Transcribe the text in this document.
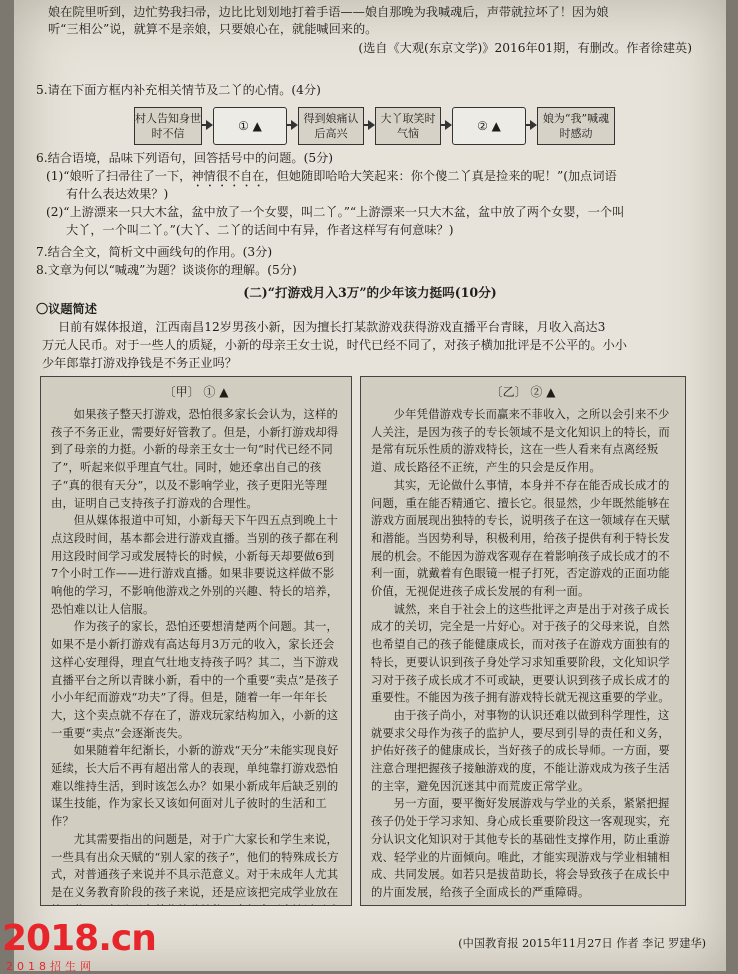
娘在院里听到，边忙势我扫帚，边比比划划地打着手语——娘自那晚为我喊魂后，声带就拉坏了！因为娘
听“三相公”说，就算不是亲娘，只要娘心在，就能喊回来的。
(选自《大观(东京文学)》2016年01期，有删改。作者徐建英)
5.请在下面方框内补充相关情节及二丫的心情。(4分)
村人告知身世时不信
① ▲	得到娘痛认后高兴
大丫取笑时气恼
② ▲	娘为“我”喊魂时感动
6.结合语境，品味下列语句，回答括号中的问题。(5分)
(1)“娘听了扫帚往了一下，神情很不自在，但她随即哈哈大笑起来：你个傻二丫真是捡来的呢！”(加点词语
有什么表达效果？)
(2)“上游漂来一只大木盆，盆中放了一个女婴，叫二丫。”“上游漂来一只大木盆，盆中放了两个女婴，一个叫
大丫，一个叫二丫。”(大丫、二丫的话间中有异，作者这样写有何意味？)
7.结合全文，简析文中画线句的作用。(3分)
8.文章为何以“喊魂”为题？谈谈你的理解。(5分)
(二)“打游戏月入3万”的少年该力挺吗(10分)
〇议题简述
日前有媒体报道，江西南昌12岁男孩小新，因为擅长打某款游戏获得游戏直播平台青睐，月收入高达3
万元人民币。对于一些人的质疑，小新的母亲王女士说，时代已经不同了，对孩子横加批评是不公平的。小小
少年郎靠打游戏挣钱是不务正业吗？
〔甲〕 ① ▲

如果孩子整天打游戏，恐怕很多家长会认为，这样的孩子不务正业，需要好好管教了。但是，小新打游戏却得到了母亲的力挺。小新的母亲王女士一句“时代已经不同了”，听起来似乎理直气壮。同时，她还拿出自己的孩子“真的很有天分”，以及不影响学业，孩子更阳光等理由，证明自己支持孩子打游戏的合理性。

但从媒体报道中可知，小新每天下午四五点到晚上十点这段时间，基本都会进行游戏直播。当别的孩子都在利用这段时间学习或发展特长的时候，小新每天却要做6到7个小时工作——进行游戏直播。如果非要说这样做不影响他的学习，不影响他游戏之外别的兴趣、特长的培养，恐怕难以让人信服。

作为孩子的家长，恐怕还要想清楚两个问题。其一，如果不是小新打游戏有高达每月3万元的收入，家长还会这样心安理得，理直气壮地支持孩子吗？其二，当下游戏直播平台之所以青睐小新，看中的一个重要“卖点”是孩子小小年纪而游戏“功夫”了得。但是，随着一年一年年长大，这个卖点就不存在了，游戏玩家结构加入，小新的这一重要“卖点”会逐渐丧失。

如果随着年纪渐长，小新的游戏“天分”未能实现良好延续，长大后不再有超出常人的表现，单纯靠打游戏恐怕难以维持生活，到时该怎么办？如果小新成年后缺乏别的谋生技能，作为家长又该如何面对儿子彼时的生活和工作？

尤其需要指出的问题是，对于广大家长和学生来说，一些具有出众天赋的“别人家的孩子”，他们的特殊成长方式，对普通孩子来说并不具示范意义。对于未成年人尤其是在义务教育阶段的孩子来说，还是应该把完成学业放在

〔乙〕 ② ▲

少年凭借游戏专长而赢来不菲收入，之所以会引来不少人关注，是因为孩子的专长领域不是文化知识上的特长，而是常有玩乐性质的游戏特长，这在一些人看来有点离经叛道、成长路径不正统，产生的只会是反作用。

其实，无论做什么事情，本身并不存在能否成长成才的问题，重在能否精通它、擅长它。很显然，少年既然能够在游戏方面展现出独特的专长，说明孩子在这一领域存在天赋和潜能。当因势利导，积极利用，给孩子提供有利于特长发展的机会。不能因为游戏客观存在着影响孩子成长成才的不利一面，就戴着有色眼镜一棍子打死，否定游戏的正面功能价值，无视促进孩子成长发展的有利一面。

诚然，来自于社会上的这些批评之声是出于对孩子成长成才的关切，完全是一片好心。对于孩子的父母来说，自然也希望自己的孩子能健康成长，而对孩子在游戏方面独有的特长，更要认识到孩子身处学习求知重要阶段，文化知识学习对于孩子成长成才不可或缺，更要认识到孩子成长成才的重要性。不能因为孩子拥有游戏特长就无视这重要的学业。

由于孩子尚小，对事物的认识还难以做到科学理性，这就要求父母作为孩子的监护人，要尽到引导的责任和义务，护佑好孩子的健康成长，当好孩子的成长导师。一方面，要注意合理把握孩子接触游戏的度，不能让游戏成为孩子生活的主宰，避免因沉迷其中而荒废正常学业。

另一方面，要平衡好发展游戏与学业的关系，紧紧把握孩子仍处于学习求知、身心成长重要阶段这一客观现实，充分认识文化知识对于其他专长的基础性支撑作用，防止重游戏、轻学业的片面倾向。唯此，才能实现游戏与学业相辅相成、共同发展。如若只是拔苗助长，将会导致孩子在成长中的片面发展，给孩子全面成长的严重障碍。

(中国教育报 2015年11月27日 作者 李记 罗建华)
2018.cn
2018招生网
